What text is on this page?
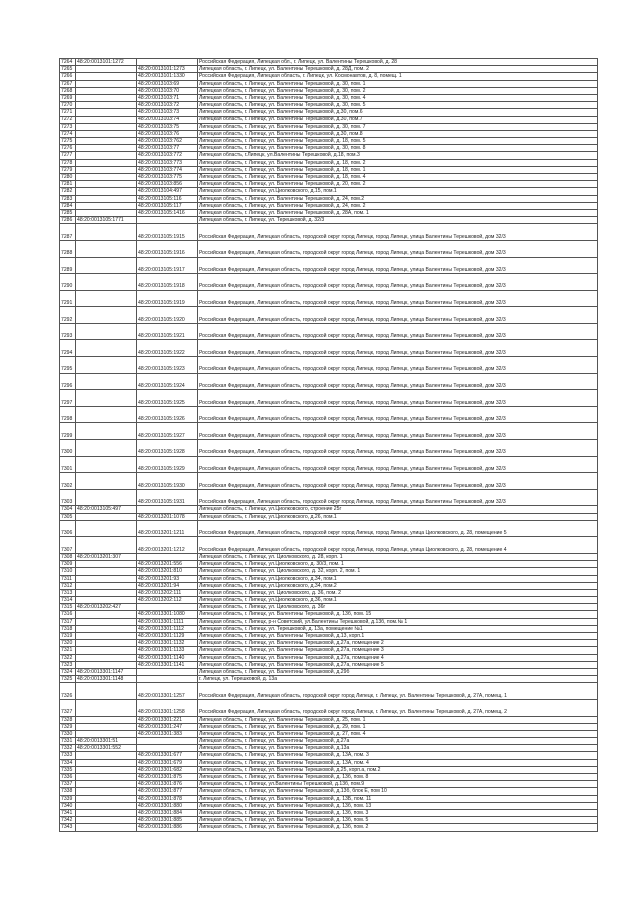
7264	48:20:0013101:1272		Российская Федерация, Липецкая обл., г. Липецк, ул. Валентины Терешковой, д. 28
7265		48:20:0013101:1273	Липецкая область, г. Липецк, ул. Валентины Терешковой, д. 28Д, пом. 2
7266		48:20:0013101:1330	Российская Федерация, Липецкая область, г. Липецк, ул. Космонавтов, д. 8, помещ. 1
7267		48:20:0013103:69	Липецкая область, г. Липецк, ул. Валентины Терешковой, д. 30, пом. 1
7268		48:20:0013103:70	Липецкая область, г. Липецк, ул. Валентины Терешковой, д. 30, пом. 2
7269		48:20:0013103:71	Липецкая область, г. Липецк, ул. Валентины Терешковой, д. 30, пом. 4
7270		48:20:0013103:72	Липецкая область, г. Липецк, ул. Валентины Терешковой, д. 30, пом. 5
7271		48:20:0013103:73	Липецкая область, г. Липецк, ул. Валентины Терешковой, д.30, пом.6
7272		48:20:0013103:74	Липецкая область, г. Липецк, ул. Валентины Терешковой, д.30, пом.7
7273		48:20:0013103:75	Липецкая область, г. Липецк, ул. Валентины Терешковой, д. 30, пом. 7
7274		48:20:0013103:76	Липецкая область, г. Липецк, ул. Валентины Терешковой, д.30, пом.8
7275		48:20:0013103:762	Липецкая область, г. Липецк, ул. Валентины Терешковой, д. 18, пом. 5
7276		48:20:0013103:77	Липецкая область, г. Липецк, ул. Валентины Терешковой, д. 30, пом. 8
7277		48:20:0013103:772	Липецкая область, г.Липецк, ул.Валентины Терешковой, д.18, пом.3
7278		48:20:0013103:773	Липецкая область, г. Липецк, ул. Валентины Терешковой, д. 18, пом. 2
7279		48:20:0013103:774	Липецкая область, г. Липецк, ул. Валентины Терешковой, д. 18, пом. 1
7280		48:20:0013103:775	Липецкая область, г. Липецк, ул. Валентины Терешковой, д. 18, пом. 4
7281		48:20:0013103:856	Липецкая область, г. Липецк, ул. Валентины Терешковой, д. 20, пом. 2
7282		48:20:0013104:497	Липецкая область, г. Липецк, ул.Циолковского, д.15, пом.1
7283		48:20:0013105:116	Липецкая область, г. Липецк, ул. Валентины Терешковой, д. 24, пом.2
7284		48:20:0013105:117	Липецкая область, г. Липецк, ул. Валентины Терешковой, д. 24, пом. 2
7285		48:20:0013105:1416	Липецкая область, г. Липецк, ул. Валентины Терешковой, д. 28А, пом. 1
7286	48:20:0013105:1771		Липецкая область, г. Липецк, ул. Терешковой, д. 32/3
7287		48:20:0013105:1915	Российская Федерация, Липецкая область, городской округ город Липецк, город Липецк, улица Валентины Терешковой, дом 32/3
7288		48:20:0013105:1916	Российская Федерация, Липецкая область, городской округ город Липецк, город Липецк, улица Валентины Терешковой, дом 32/3
7289		48:20:0013105:1917	Российская Федерация, Липецкая область, городской округ город Липецк, город Липецк, улица Валентины Терешковой, дом 32/3
7290		48:20:0013105:1918	Российская Федерация, Липецкая область, городской округ город Липецк, город Липецк, улица Валентины Терешковой, дом 32/3
7291		48:20:0013105:1919	Российская Федерация, Липецкая область, городской округ город Липецк, город Липецк, улица Валентины Терешковой, дом 32/3
7292		48:20:0013105:1920	Российская Федерация, Липецкая область, городской округ город Липецк, город Липецк, улица Валентины Терешковой, дом 32/3
7293		48:20:0013105:1921	Российская Федерация, Липецкая область, городской округ город Липецк, город Липецк, улица Валентины Терешковой, дом 32/3
7294		48:20:0013105:1922	Российская Федерация, Липецкая область, городской округ город Липецк, город Липецк, улица Валентины Терешковой, дом 32/3
7295		48:20:0013105:1923	Российская Федерация, Липецкая область, городской округ город Липецк, город Липецк, улица Валентины Терешковой, дом 32/3
7296		48:20:0013105:1924	Российская Федерация, Липецкая область, городской округ город Липецк, город Липецк, улица Валентины Терешковой, дом 32/3
7297		48:20:0013105:1925	Российская Федерация, Липецкая область, городской округ город Липецк, город Липецк, улица Валентины Терешковой, дом 32/3
7298		48:20:0013105:1926	Российская Федерация, Липецкая область, городской округ город Липецк, город Липецк, улица Валентины Терешковой, дом 32/3
7299		48:20:0013105:1927	Российская Федерация, Липецкая область, городской округ город Липецк, город Липецк, улица Валентины Терешковой, дом 32/3
7300		48:20:0013105:1928	Российская Федерация, Липецкая область, городской округ город Липецк, город Липецк, улица Валентины Терешковой, дом 32/3
7301		48:20:0013105:1929	Российская Федерация, Липецкая область, городской округ город Липецк, город Липецк, улица Валентины Терешковой, дом 32/3
7302		48:20:0013105:1930	Российская Федерация, Липецкая область, городской округ город Липецк, город Липецк, улица Валентины Терешковой, дом 32/3
7303		48:20:0013105:1931	Российская Федерация, Липецкая область, городской округ город Липецк, город Липецк, улица Валентины Терешковой, дом 32/3
7304	48:20:0013105:497		Липецкая область, г. Липецк, ул.Циолковского, строение 25г
7305		48:20:0013201:1078	Липецкая область, г. Липецк, ул.Циолковского, д.26, пом.1
7306		48:20:0013201:1211	Российская Федерация, Липецкая область, городской округ город Липецк, город Липецк, улица Циолковского, д. 28, помещение 5
7307		48:20:0013201:1212	Российская Федерация, Липецкая область, городской округ город Липецк, город Липецк, улица Циолковского, д. 28, помещение 4
7308	48:20:0013201:307		Липецкая область, г. Липецк, ул. Циолковского, д. 28, корп. 1
7309		48:20:0013201:556	Липецкая область, г. Липецк, ул.Циолковского, д. 30/3, пом. 1
7310		48:20:0013201:810	Липецкая область, г. Липецк, ул. Циолковского, д. 32, корп. 2, пом. 1
7311		48:20:0013201:93	Липецкая область, г. Липецк, ул.Циолковского, д.34, пом.1
7312		48:20:0013201:94	Липецкая область, г. Липецк, ул.Циолковского, д.34, пом.2
7313		48:20:0013202:111	Липецкая область, г. Липецк, ул. Циолковского, д. 36, пом. 2
7314		48:20:0013202:112	Липецкая область, г. Липецк, ул.Циолковского, д.36, пом.1
7315	48:20:0013202:427		Липецкая область, г. Липецк, ул. Циолковского, д. 36г
7316		48:20:0013301:1080	Липецкая область, г. Липецк, ул. Валентины Терешковой, д. 13б, пом. 15
7317		48:20:0013301:1111	Липецкая область, г. Липецк, р-н Советский, ул.Валентины Терешковой, д.13б, пом.№ 1
7318		48:20:0013301:1112	Липецкая область, г. Липецк, ул. Терешковой, д. 13а, помещение №1
7319		48:20:0013301:1129	Липецкая область, г. Липецк, ул. Валентины Терешковой, д.13, корп.1
7320		48:20:0013301:1132	Липецкая область, г. Липецк, ул. Валентины Терешковой, д.27а, помещение 2
7321		48:20:0013301:1133	Липецкая область, г. Липецк, ул. Валентины Терешковой, д.27а, помещение 3
7322		48:20:0013301:1140	Липецкая область, г. Липецк, ул. Валентины Терешковой, д.27а, помещение 4
7323		48:20:0013301:1141	Липецкая область, г. Липецк, ул. Валентины Терешковой, д.27а, помещение 5
7324	48:20:0013301:1147		Липецкая область, г. Липецк, ул. Валентины Терешковой, д.29б
7325	48:20:0013301:1148		г. Липецк, ул. Терешковой, д. 13а
7326		48:20:0013301:1257	Российская Федерация, Липецкая область, городской округ город Липецк, г. Липецк, ул. Валентины Терешковой, д. 27А, помещ. 1
7327		48:20:0013301:1258	Российская Федерация, Липецкая область, городской округ город Липецк, г. Липецк, ул. Валентины Терешковой, д. 27А, помещ. 2
7328		48:20:0013301:221	Липецкая область, г. Липецк, ул. Валентины Терешковой, д. 25, пом. 1
7329		48:20:0013301:247	Липецкая область, г. Липецк, ул. Валентины Терешковой, д. 29, пом. 1
7330		48:20:0013301:383	Липецкая область, г. Липецк, ул. Валентины Терешковой, д. 27, пом. 4
7331	48:20:0013301:51		Липецкая область, г. Липецк, ул. Валентины Терешковой, д.27а
7332	48:20:0013301:552		Липецкая область, г. Липецк, ул. Валентины Терешковой, д.13а
7333		48:20:0013301:677	Липецкая область, г. Липецк, ул. Валентины Терешковой, д. 13А, пом. 3
7334		48:20:0013301:679	Липецкая область, г. Липецк, ул. Валентины Терешковой, д. 13А, пом. 4
7335		48:20:0013301:682	Липецкая область, г. Липецк, ул. Валентины Терешковой, д.25, корп.а, пом.2
7336		48:20:0013301:875	Липецкая область, г. Липецк, ул. Валентины Терешковой, д. 13б, пом. 8
7337		48:20:0013301:876	Липецкая область, г. Липецк, ул.Валентины Терешковой, д.13б, пом.9
7338		48:20:0013301:877	Липецкая область, г. Липецк, ул. Валентины Терешковой, д.13б, блок Е, пом 10
7339		48:20:0013301:878	Липецкая область, г. Липецк, ул. Валентины Терешковой, д. 13Б, пом. 11
7340		48:20:0013301:880	Липецкая область, г. Липецк, ул. Валентины Терешковой, д. 13б, пом. 13
7341		48:20:0013301:884	Липецкая область, г. Липецк, ул. Валентины Терешковой, д. 13б, пом. 3
7342		48:20:0013301:885	Липецкая область, г. Липецк, ул. Валентины Терешковой, д. 13б, пом. 5
7343		48:20:0013301:886	Липецкая область, г. Липецк, ул. Валентины Терешковой, д. 13б, пом. 2
